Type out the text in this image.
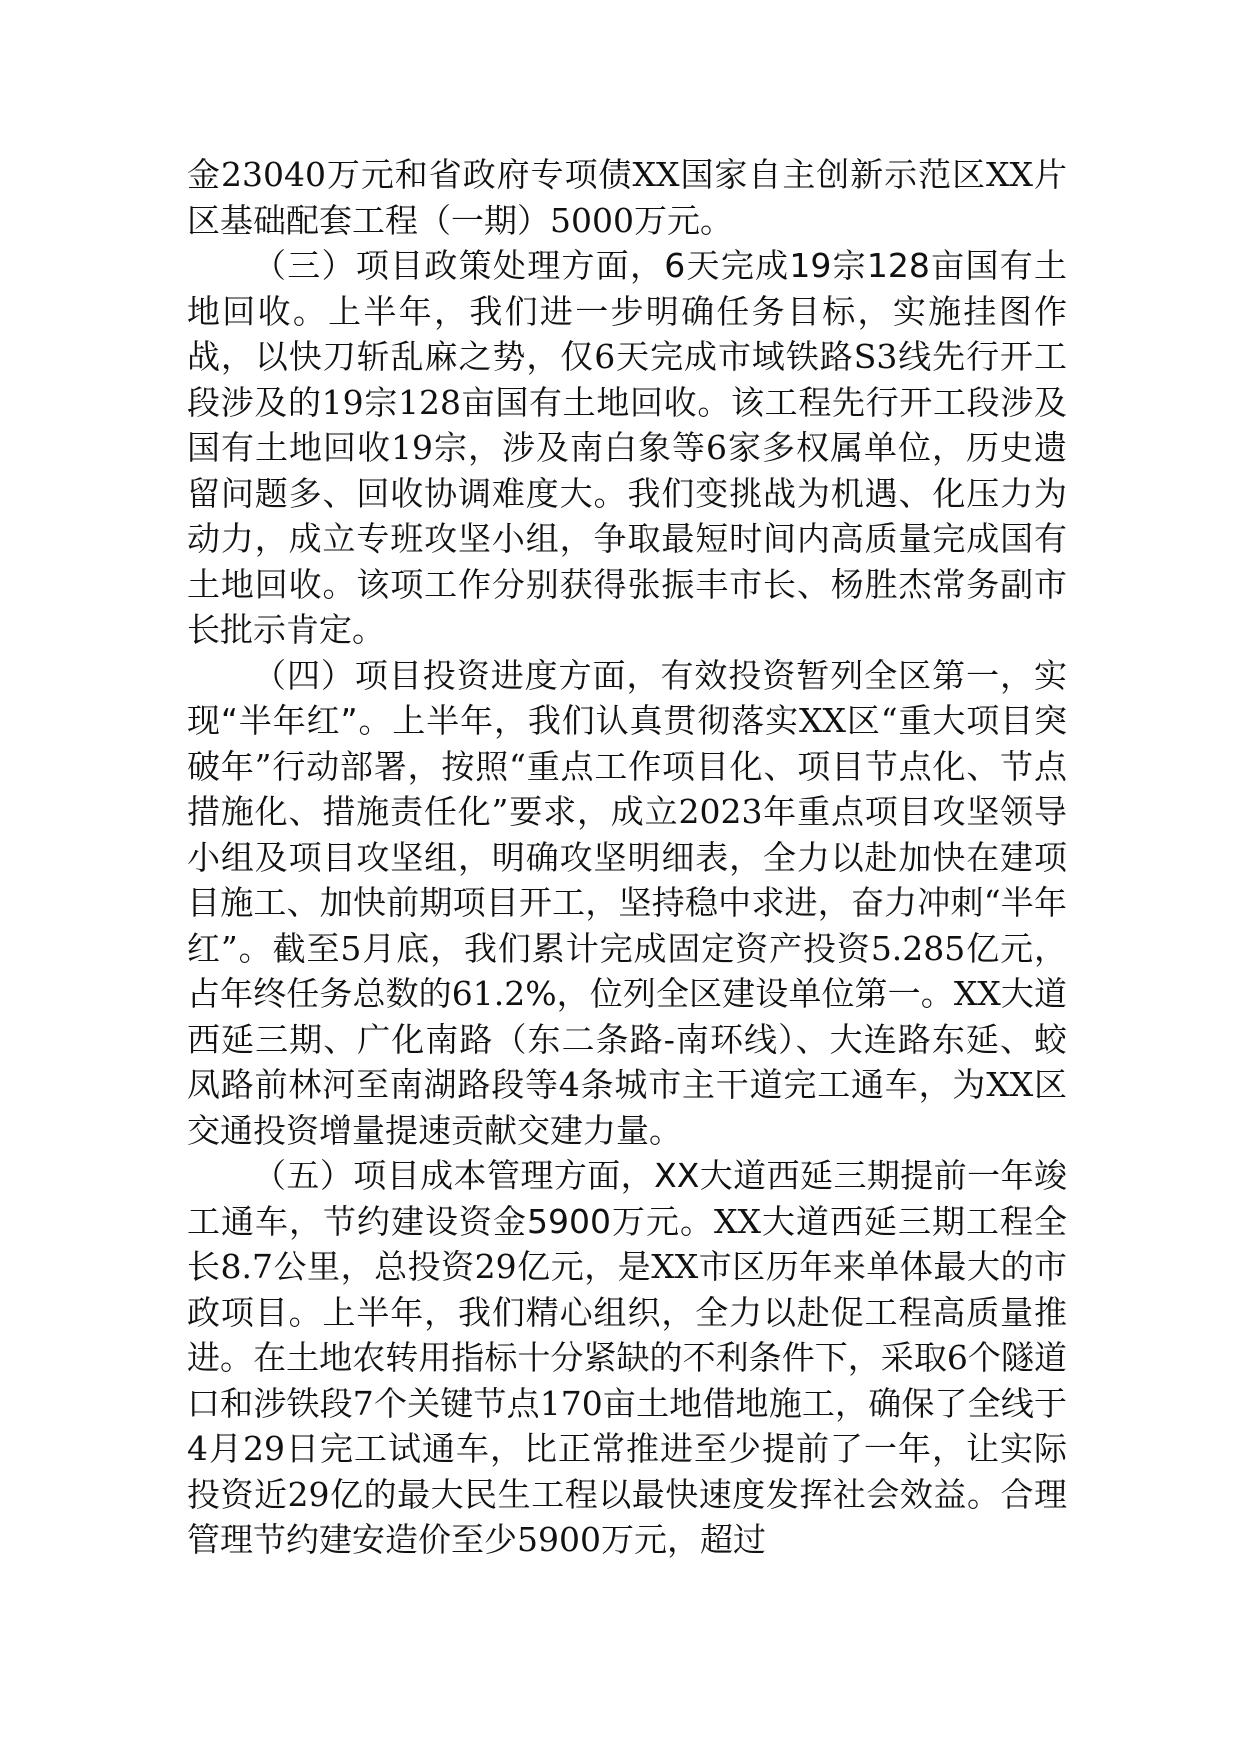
金23040万元和省政府专项债XX国家自主创新示范区XX片区基础配套工程（一期）5000万元。

（三）项目政策处理方面，6天完成19宗128亩国有土地回收。上半年，我们进一步明确任务目标，实施挂图作战，以快刀斩乱麻之势，仅6天完成市域铁路S3线先行开工段涉及的19宗128亩国有土地回收。该工程先行开工段涉及国有土地回收19宗，涉及南白象等6家多权属单位，历史遗留问题多、回收协调难度大。我们变挑战为机遇、化压力为动力，成立专班攻坚小组，争取最短时间内高质量完成国有土地回收。该项工作分别获得张振丰市长、杨胜杰常务副市长批示肯定。

（四）项目投资进度方面，有效投资暂列全区第一，实现“半年红”。上半年，我们认真贯彻落实XX区“重大项目突破年”行动部署，按照“重点工作项目化、项目节点化、节点措施化、措施责任化”要求，成立2023年重点项目攻坚领导小组及项目攻坚组，明确攻坚明细表，全力以赴加快在建项目施工、加快前期项目开工，坚持稳中求进，奋力冲刺“半年红”。截至5月底，我们累计完成固定资产投资5.285亿元，占年终任务总数的61.2%，位列全区建设单位第一。XX大道西延三期、广化南路（东二条路-南环线）、大连路东延、蛟凤路前林河至南湖路段等4条城市主干道完工通车，为XX区交通投资增量提速贡献交建力量。

（五）项目成本管理方面，XX大道西延三期提前一年竣工通车，节约建设资金5900万元。XX大道西延三期工程全长8.7公里，总投资29亿元，是XX市区历年来单体最大的市政项目。上半年，我们精心组织，全力以赴促工程高质量推进。在土地农转用指标十分紧缺的不利条件下，采取6个隧道口和涉铁段7个关键节点170亩土地借地施工，确保了全线于4月29日完工试通车，比正常推进至少提前了一年，让实际投资近29亿的最大民生工程以最快速度发挥社会效益。合理管理节约建安造价至少5900万元，超过
